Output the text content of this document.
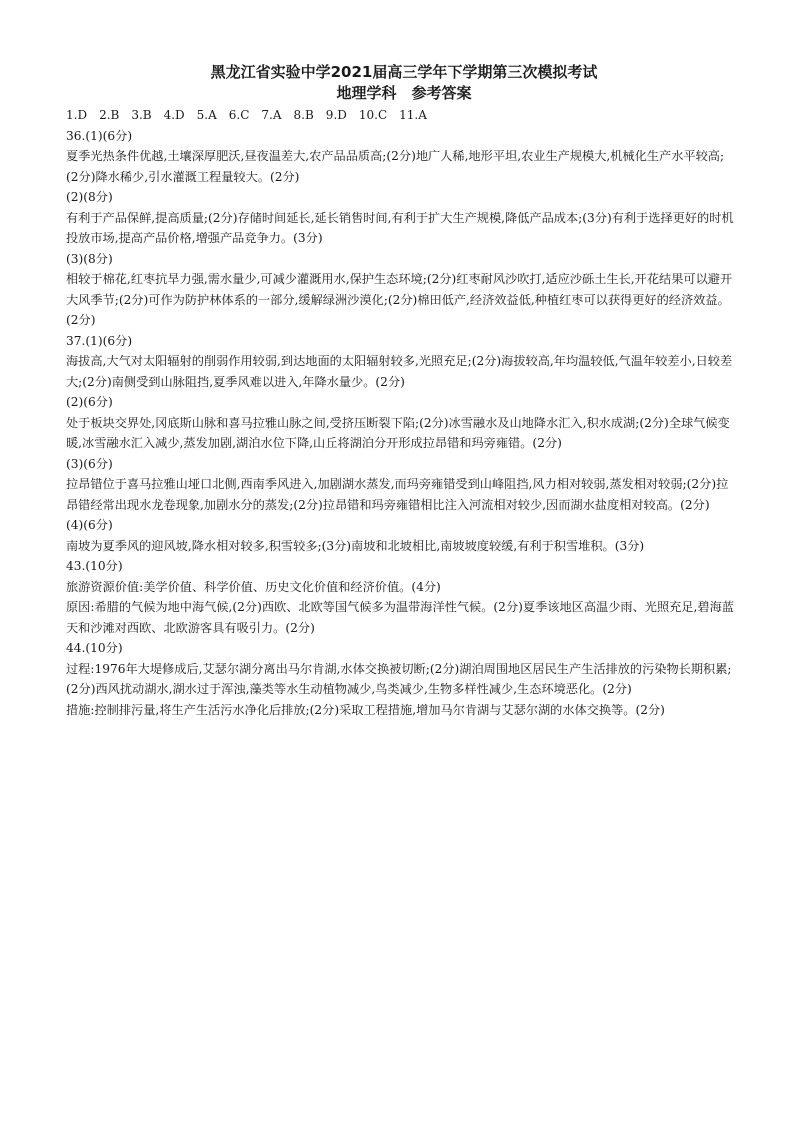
黑龙江省实验中学2021届高三学年下学期第三次模拟考试
地理学科　参考答案
1.D　2.B　3.B　4.D　5.A　6.C　7.A　8.B　9.D　10.C　11.A
36.(1)(6分)
夏季光热条件优越,土壤深厚肥沃,昼夜温差大,农产品品质高;(2分)地广人稀,地形平坦,农业生产规模大,机械化生产水平较高;(2分)降水稀少,引水灌溉工程量较大。(2分)
(2)(8分)
有利于产品保鲜,提高质量;(2分)存储时间延长,延长销售时间,有利于扩大生产规模,降低产品成本;(3分)有利于选择更好的时机投放市场,提高产品价格,增强产品竞争力。(3分)
(3)(8分)
相较于棉花,红枣抗旱力强,需水量少,可减少灌溉用水,保护生态环境;(2分)红枣耐风沙吹打,适应沙砾土生长,开花结果可以避开大风季节;(2分)可作为防护林体系的一部分,缓解绿洲沙漠化;(2分)棉田低产,经济效益低,种植红枣可以获得更好的经济效益。(2分)
37.(1)(6分)
海拔高,大气对太阳辐射的削弱作用较弱,到达地面的太阳辐射较多,光照充足;(2分)海拔较高,年均温较低,气温年较差小,日较差大;(2分)南侧受到山脉阻挡,夏季风难以进入,年降水量少。(2分)
(2)(6分)
处于板块交界处,冈底斯山脉和喜马拉雅山脉之间,受挤压断裂下陷;(2分)冰雪融水及山地降水汇入,积水成湖;(2分)全球气候变暖,冰雪融水汇入减少,蒸发加剧,湖泊水位下降,山丘将湖泊分开形成拉昂错和玛旁雍错。(2分)
(3)(6分)
拉昂错位于喜马拉雅山垭口北侧,西南季风进入,加剧湖水蒸发,而玛旁雍错受到山峰阻挡,风力相对较弱,蒸发相对较弱;(2分)拉昂错经常出现水龙卷现象,加剧水分的蒸发;(2分)拉昂错和玛旁雍错相比注入河流相对较少,因而湖水盐度相对较高。(2分)
(4)(6分)
南坡为夏季风的迎风坡,降水相对较多,积雪较多;(3分)南坡和北坡相比,南坡坡度较缓,有利于积雪堆积。(3分)
43.(10分)
旅游资源价值:美学价值、科学价值、历史文化价值和经济价值。(4分)
原因:希腊的气候为地中海气候,(2分)西欧、北欧等国气候多为温带海洋性气候。(2分)夏季该地区高温少雨、光照充足,碧海蓝天和沙滩对西欧、北欧游客具有吸引力。(2分)
44.(10分)
过程:1976年大堤修成后,艾瑟尔湖分离出马尔肯湖,水体交换被切断;(2分)湖泊周围地区居民生产生活排放的污染物长期积累;(2分)西风扰动湖水,湖水过于浑浊,藻类等水生动植物减少,鸟类减少,生物多样性减少,生态环境恶化。(2分)
措施:控制排污量,将生产生活污水净化后排放;(2分)采取工程措施,增加马尔肯湖与艾瑟尔湖的水体交换等。(2分)
